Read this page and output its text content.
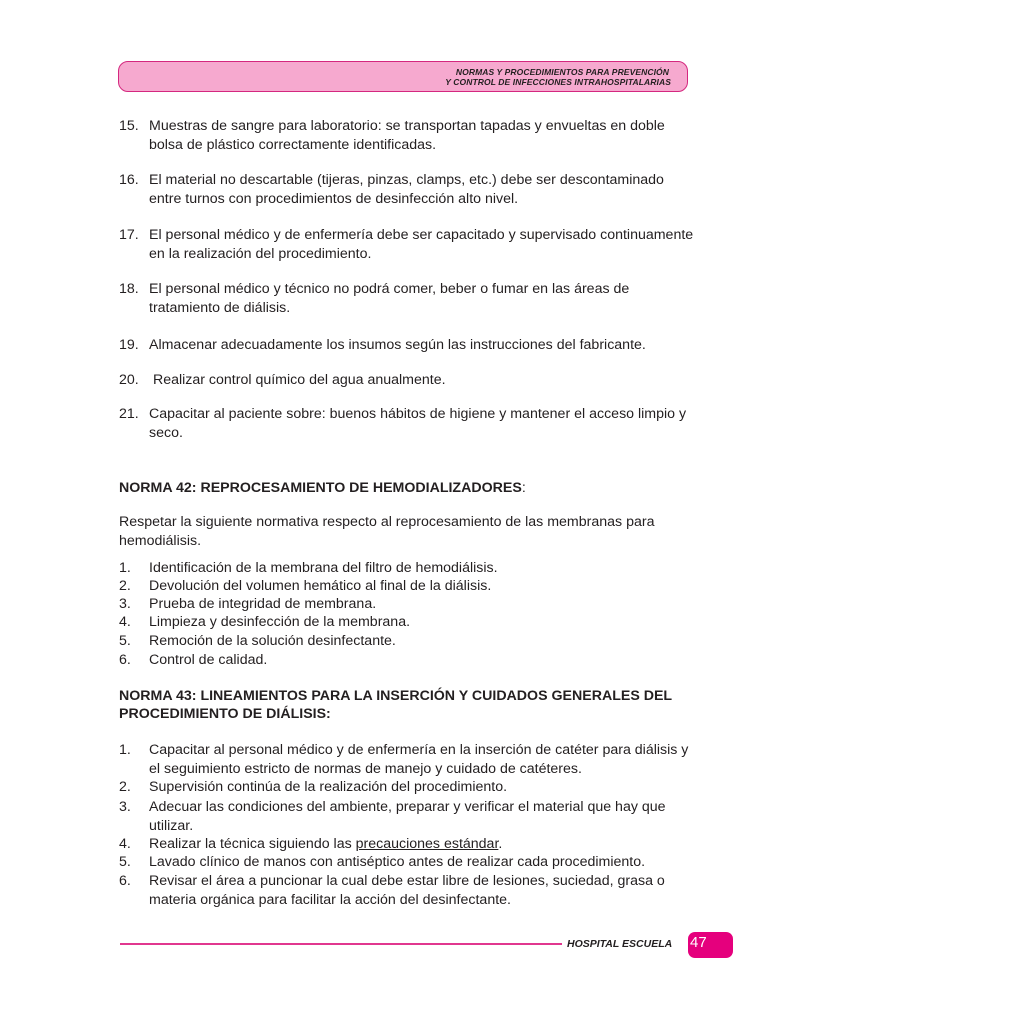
NORMAS Y PROCEDIMIENTOS PARA PREVENCIÓN
Y CONTROL DE INFECCIONES INTRAHOSPITALARIAS
15. Muestras de sangre para laboratorio: se transportan tapadas y envueltas en doble bolsa de plástico correctamente identificadas.
16. El material no descartable (tijeras, pinzas, clamps, etc.) debe ser descontaminado entre turnos con procedimientos de desinfección alto nivel.
17. El personal médico y de enfermería debe ser capacitado y supervisado continuamente en la realización del procedimiento.
18. El personal médico y técnico no podrá comer, beber o fumar en las áreas de tratamiento de diálisis.
19. Almacenar adecuadamente los insumos según las instrucciones del fabricante.
20. Realizar control químico del agua anualmente.
21. Capacitar al paciente sobre: buenos hábitos de higiene y mantener el acceso limpio y seco.
NORMA 42: REPROCESAMIENTO DE HEMODIALIZADORES:
Respetar la siguiente normativa respecto al reprocesamiento de las membranas para hemodiálisis.
1. Identificación de la membrana del filtro de hemodiálisis.
2. Devolución del volumen hemático al final de la diálisis.
3. Prueba de integridad de membrana.
4. Limpieza y desinfección de la membrana.
5. Remoción de la solución desinfectante.
6. Control de calidad.
NORMA 43: LINEAMIENTOS PARA LA INSERCIÓN Y CUIDADOS GENERALES DEL PROCEDIMIENTO DE DIÁLISIS:
1. Capacitar al personal médico y de enfermería en la inserción de catéter para diálisis y el seguimiento estricto de normas de manejo y cuidado de catéteres.
2. Supervisión continúa de la realización del procedimiento.
3. Adecuar las condiciones del ambiente, preparar y verificar el material que hay que utilizar.
4. Realizar la técnica siguiendo las precauciones estándar.
5. Lavado clínico de manos con antiséptico antes de realizar cada procedimiento.
6. Revisar el área a puncionar la cual debe estar libre de lesiones, suciedad, grasa o materia orgánica para facilitar la acción del desinfectante.
HOSPITAL ESCUELA 47
